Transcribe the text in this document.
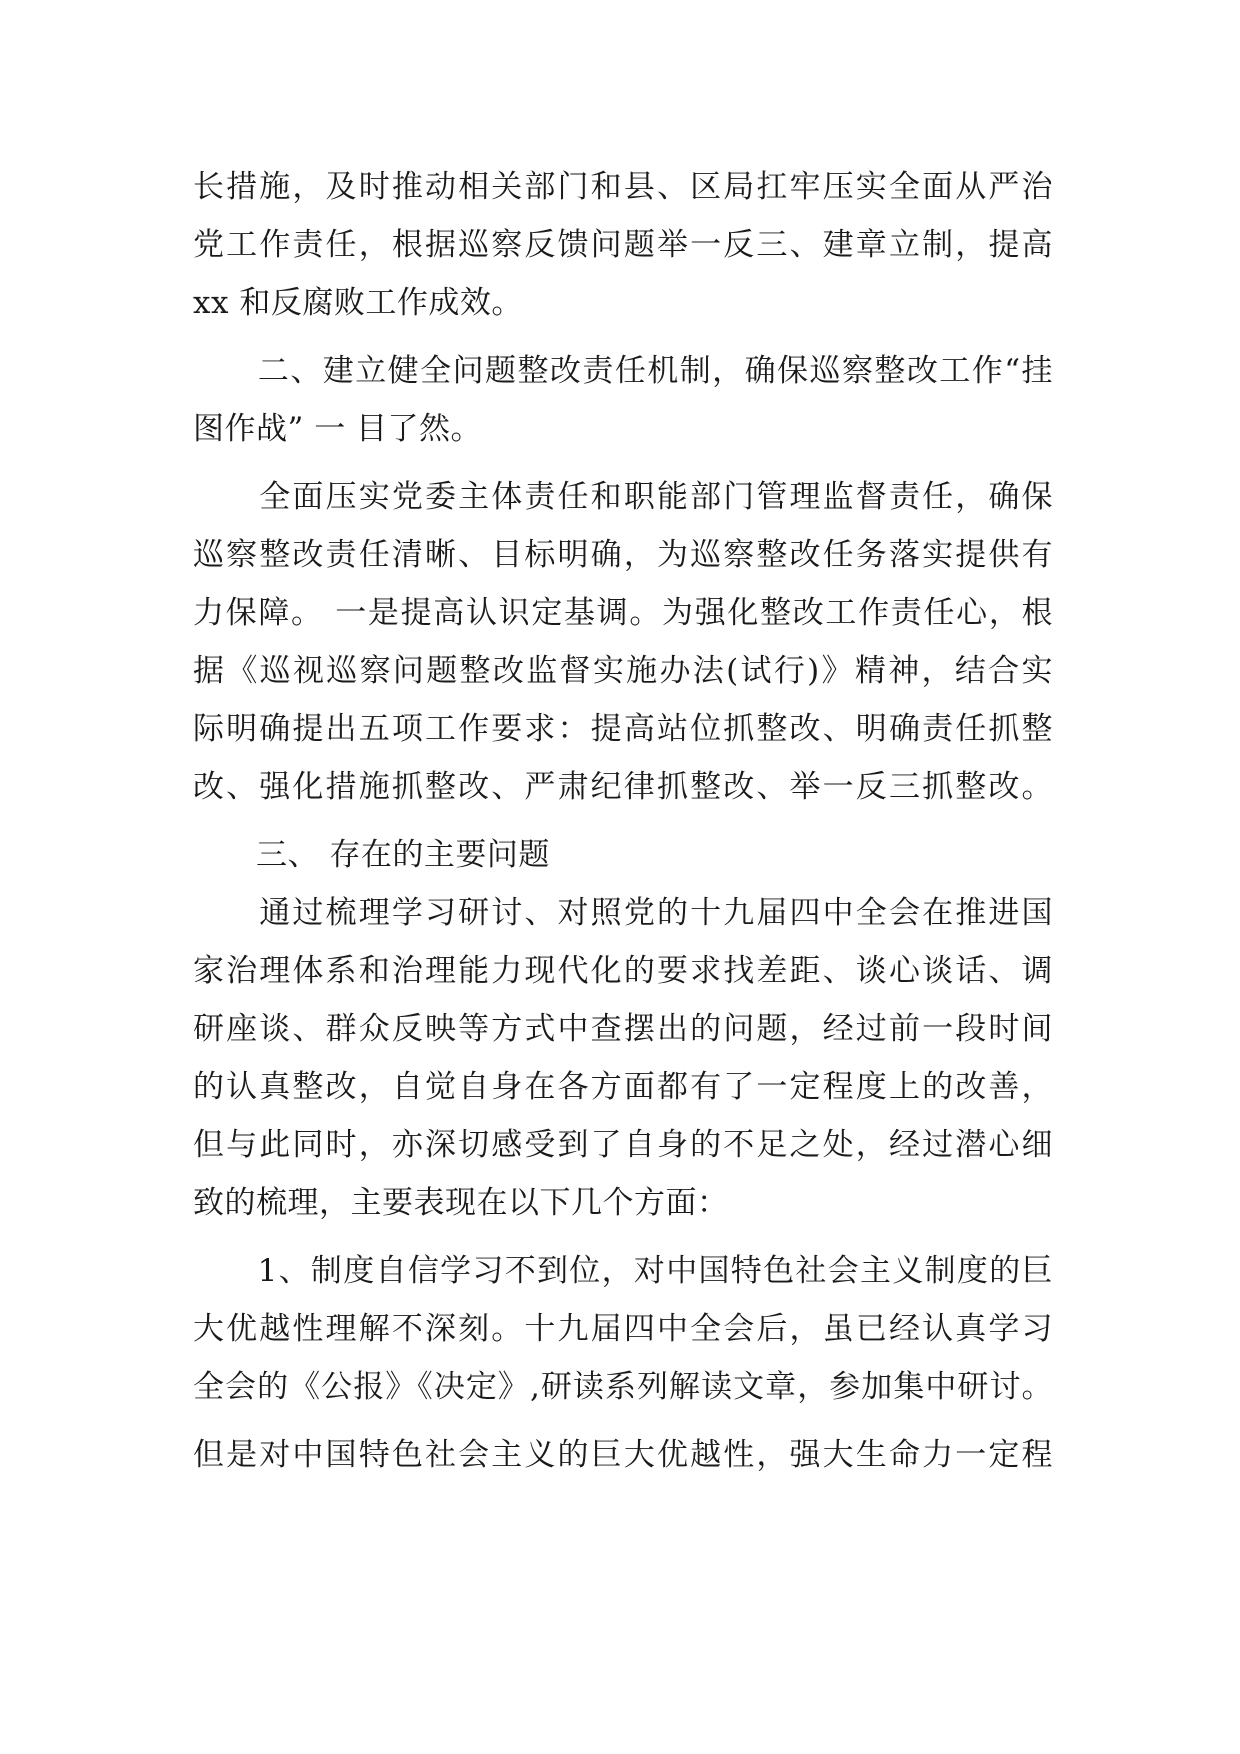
长措施，及时推动相关部门和县、区局扛牢压实全面从严治
党工作责任，根据巡察反馈问题举一反三、建章立制，提高
xx 和反腐败工作成效。
　　二、建立健全问题整改责任机制，确保巡察整改工作“挂
图作战” 一 目了然。
　　全面压实党委主体责任和职能部门管理监督责任，确保
巡察整改责任清晰、目标明确，为巡察整改任务落实提供有
力保障。 一是提高认识定基调。为强化整改工作责任心，根
据《巡视巡察问题整改监督实施办法(试行)》精神，结合实
际明确提出五项工作要求：提高站位抓整改、明确责任抓整
改、强化措施抓整改、严肃纪律抓整改、举一反三抓整改。
　　三、 存在的主要问题
　　通过梳理学习研讨、对照党的十九届四中全会在推进国
家治理体系和治理能力现代化的要求找差距、谈心谈话、调
研座谈、群众反映等方式中查摆出的问题，经过前一段时间
的认真整改，自觉自身在各方面都有了一定程度上的改善，
但与此同时，亦深切感受到了自身的不足之处，经过潜心细
致的梳理，主要表现在以下几个方面：
　　1、制度自信学习不到位，对中国特色社会主义制度的巨
大优越性理解不深刻。十九届四中全会后，虽已经认真学习
全会的《公报》《决定》,研读系列解读文章，参加集中研讨。
但是对中国特色社会主义的巨大优越性，强大生命力一定程
